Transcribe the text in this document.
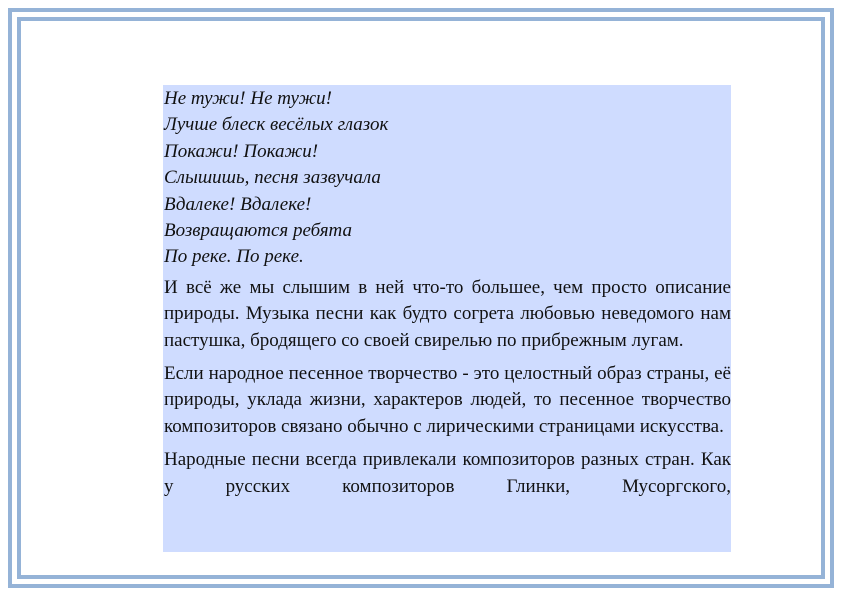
Не тужи! Не тужи!
Лучше блеск весёлых глазок
Покажи! Покажи!
Слышишь, песня зазвучала
Вдалеке! Вдалеке!
Возвращаются ребята
По реке. По реке.

И всё же мы слышим в ней что-то большее, чем просто описание природы. Музыка песни как будто согрета любовью неведомого нам пастушка, бродящего со своей свирелью по прибрежным лугам.

Если народное песенное творчество - это целостный образ страны, её природы, уклада жизни, характеров людей, то песенное творчество композиторов связано обычно с лирическими страницами искусства.

Народные песни всегда привлекали композиторов разных стран. Как у русских композиторов Глинки, Мусоргского,
